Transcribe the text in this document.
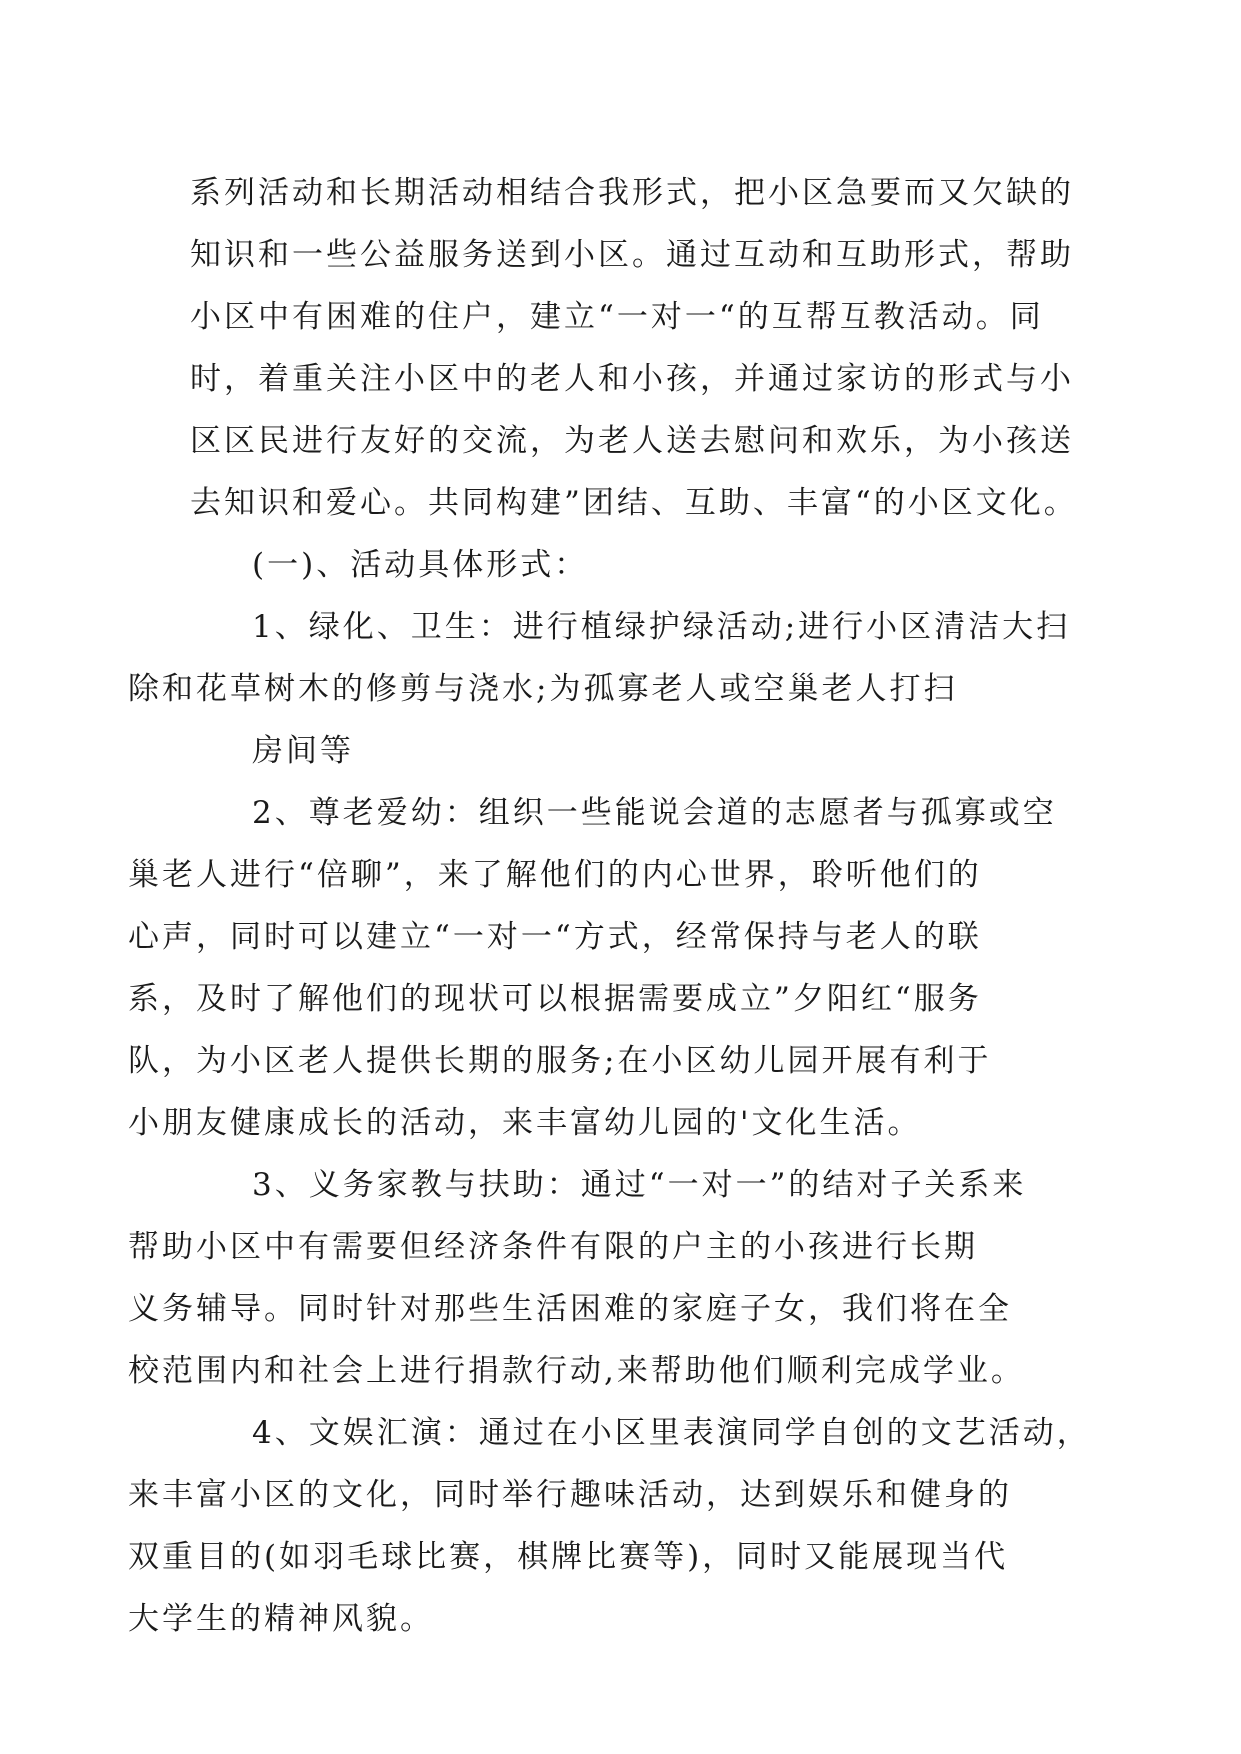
系列活动和长期活动相结合我形式，把小区急要而又欠缺的
知识和一些公益服务送到小区。通过互动和互助形式，帮助
小区中有困难的住户，建立“一对一“的互帮互教活动。同
时，着重关注小区中的老人和小孩，并通过家访的形式与小
区区民进行友好的交流，为老人送去慰问和欢乐，为小孩送
去知识和爱心。共同构建”团结、互助、丰富“的小区文化。

(一)、活动具体形式：

1、绿化、卫生：进行植绿护绿活动;进行小区清洁大扫
除和花草树木的修剪与浇水;为孤寡老人或空巢老人打扫

房间等

2、尊老爱幼：组织一些能说会道的志愿者与孤寡或空
巢老人进行“倍聊”，来了解他们的内心世界，聆听他们的
心声，同时可以建立“一对一“方式，经常保持与老人的联
系，及时了解他们的现状可以根据需要成立”夕阳红“服务
队，为小区老人提供长期的服务;在小区幼儿园开展有利于
小朋友健康成长的活动，来丰富幼儿园的'文化生活。

3、义务家教与扶助：通过“一对一”的结对子关系来
帮助小区中有需要但经济条件有限的户主的小孩进行长期
义务辅导。同时针对那些生活困难的家庭子女，我们将在全
校范围内和社会上进行捐款行动,来帮助他们顺利完成学业。

4、文娱汇演：通过在小区里表演同学自创的文艺活动，
来丰富小区的文化，同时举行趣味活动，达到娱乐和健身的
双重目的(如羽毛球比赛，棋牌比赛等)，同时又能展现当代
大学生的精神风貌。
